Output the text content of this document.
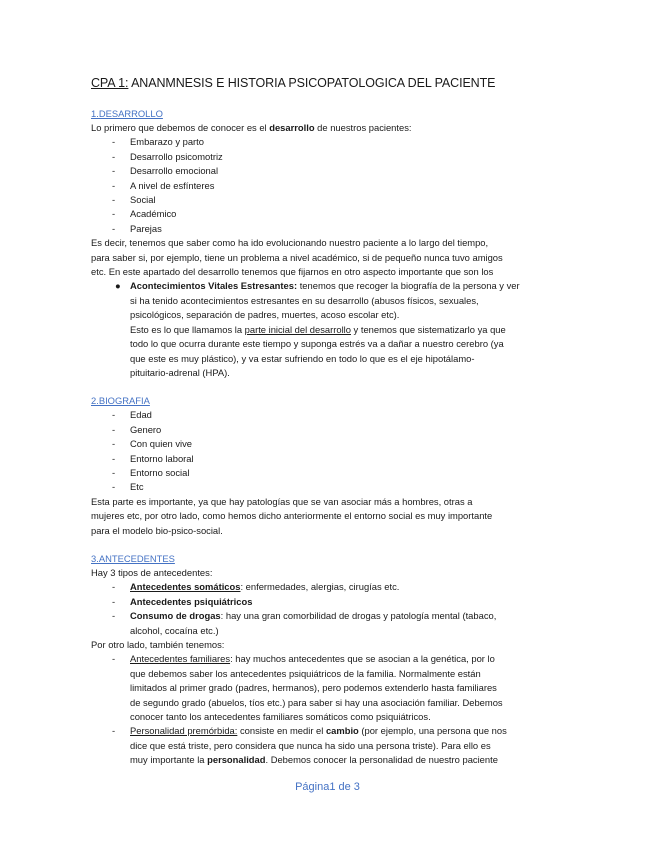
CPA 1: ANANMNESIS E HISTORIA PSICOPATOLOGICA DEL PACIENTE

1.DESARROLLO

Lo primero que debemos de conocer es el desarrollo de nuestros pacientes:

- Embarazo y parto
- Desarrollo psicomotriz
- Desarrollo emocional
- A nivel de esfínteres
- Social
- Académico
- Parejas

Es decir, tenemos que saber como ha ido evolucionando nuestro paciente a lo largo del tiempo,

para saber si, por ejemplo, tiene un problema a nivel académico, si de pequeño nunca tuvo amigos

etc. En este apartado del desarrollo tenemos que fijarnos en otro aspecto importante que son los

● Acontecimientos Vitales Estresantes: tenemos que recoger la biografía de la persona y ver
si ha tenido acontecimientos estresantes en su desarrollo (abusos físicos, sexuales,
psicológicos, separación de padres, muertes, acoso escolar etc).
Esto es lo que llamamos la parte inicial del desarrollo y tenemos que sistematizarlo ya que
todo lo que ocurra durante este tiempo y suponga estrés va a dañar a nuestro cerebro (ya
que este es muy plástico), y va estar sufriendo en todo lo que es el eje hipotálamo-
pituitario-adrenal (HPA).

2.BIOGRAFIA

- Edad
- Genero
- Con quien vive
- Entorno laboral
- Entorno social
- Etc

Esta parte es importante, ya que hay patologías que se van asociar más a hombres, otras a

mujeres etc, por otro lado, como hemos dicho anteriormente el entorno social es muy importante

para el modelo bio-psico-social.

3.ANTECEDENTES

Hay 3 tipos de antecedentes:

- Antecedentes somáticos: enfermedades, alergias, cirugías etc.
- Antecedentes psiquiátricos
- Consumo de drogas: hay una gran comorbilidad de drogas y patología mental (tabaco,
alcohol, cocaína etc.)

Por otro lado, también tenemos:

- Antecedentes familiares: hay muchos antecedentes que se asocian a la genética, por lo
que debemos saber los antecedentes psiquiátricos de la familia. Normalmente están
limitados al primer grado (padres, hermanos), pero podemos extenderlo hasta familiares
de segundo grado (abuelos, tíos etc.) para saber si hay una asociación familiar. Debemos
conocer tanto los antecedentes familiares somáticos como psiquiátricos.
- Personalidad premórbida: consiste en medir el cambio (por ejemplo, una persona que nos
dice que está triste, pero considera que nunca ha sido una persona triste). Para ello es
muy importante la personalidad. Debemos conocer la personalidad de nuestro paciente
Página1 de 3
